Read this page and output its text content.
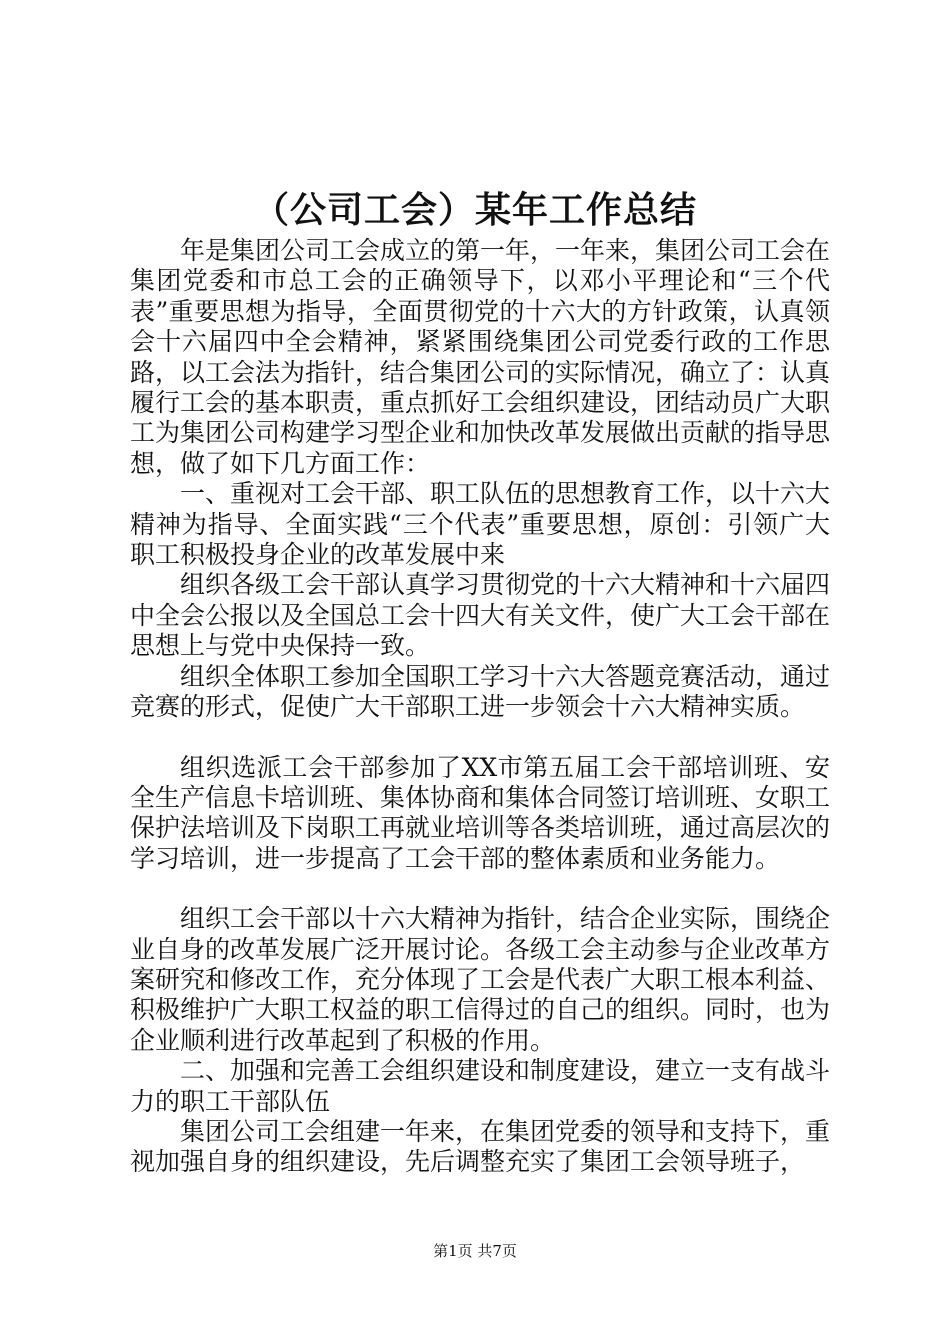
（公司工会）某年工作总结

年是集团公司工会成立的第一年，一年来，集团公司工会在集团党委和市总工会的正确领导下，以邓小平理论和“三个代表”重要思想为指导，全面贯彻党的十六大的方针政策，认真领会十六届四中全会精神，紧紧围绕集团公司党委行政的工作思路，以工会法为指针，结合集团公司的实际情况，确立了：认真履行工会的基本职责，重点抓好工会组织建设，团结动员广大职工为集团公司构建学习型企业和加快改革发展做出贡献的指导思想，做了如下几方面工作：

一、重视对工会干部、职工队伍的思想教育工作，以十六大精神为指导、全面实践“三个代表”重要思想，原创：引领广大职工积极投身企业的改革发展中来

组织各级工会干部认真学习贯彻党的十六大精神和十六届四中全会公报以及全国总工会十四大有关文件，使广大工会干部在思想上与党中央保持一致。

组织全体职工参加全国职工学习十六大答题竞赛活动，通过竞赛的形式，促使广大干部职工进一步领会十六大精神实质。

组织选派工会干部参加了XX市第五届工会干部培训班、安全生产信息卡培训班、集体协商和集体合同签订培训班、女职工保护法培训及下岗职工再就业培训等各类培训班，通过高层次的学习培训，进一步提高了工会干部的整体素质和业务能力。

组织工会干部以十六大精神为指针，结合企业实际，围绕企业自身的改革发展广泛开展讨论。各级工会主动参与企业改革方案研究和修改工作，充分体现了工会是代表广大职工根本利益、积极维护广大职工权益的职工信得过的自己的组织。同时，也为企业顺利进行改革起到了积极的作用。

二、加强和完善工会组织建设和制度建设，建立一支有战斗力的职工干部队伍

集团公司工会组建一年来，在集团党委的领导和支持下，重视加强自身的组织建设，先后调整充实了集团工会领导班子，

第1页 共7页
